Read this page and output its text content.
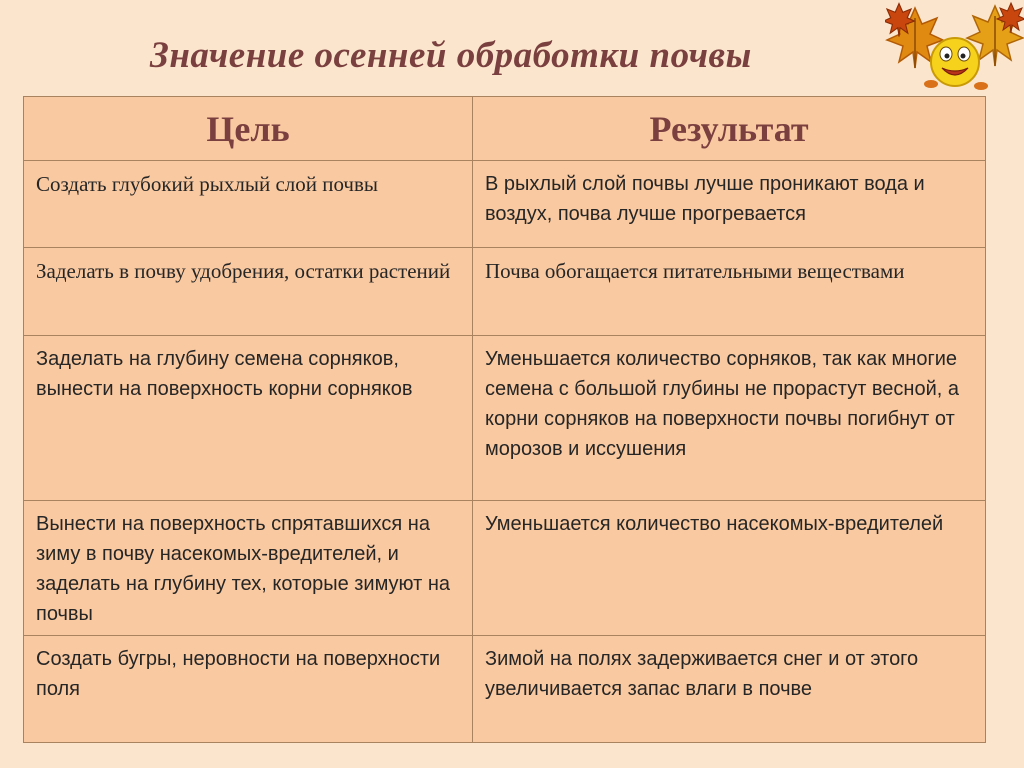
Значение осенней обработки почвы
Цель	Результат
Создать глубокий рыхлый слой почвы	В рыхлый слой почвы лучше проникают вода и воздух, почва лучше прогревается
Заделать в почву удобрения, остатки растений	Почва обогащается питательными веществами
Заделать на глубину семена сорняков, вынести на поверхность корни сорняков	Уменьшается количество сорняков, так как многие семена с большой глубины не прорастут весной, а корни сорняков на поверхности почвы погибнут от морозов и иссушения
Вынести на поверхность спрятавшихся на зиму в почву насекомых-вредителей, и заделать на глубину тех, которые зимуют на почвы	Уменьшается количество насекомых-вредителей
Создать бугры, неровности на поверхности поля	Зимой на полях задерживается снег и от этого увеличивается запас влаги в почве
